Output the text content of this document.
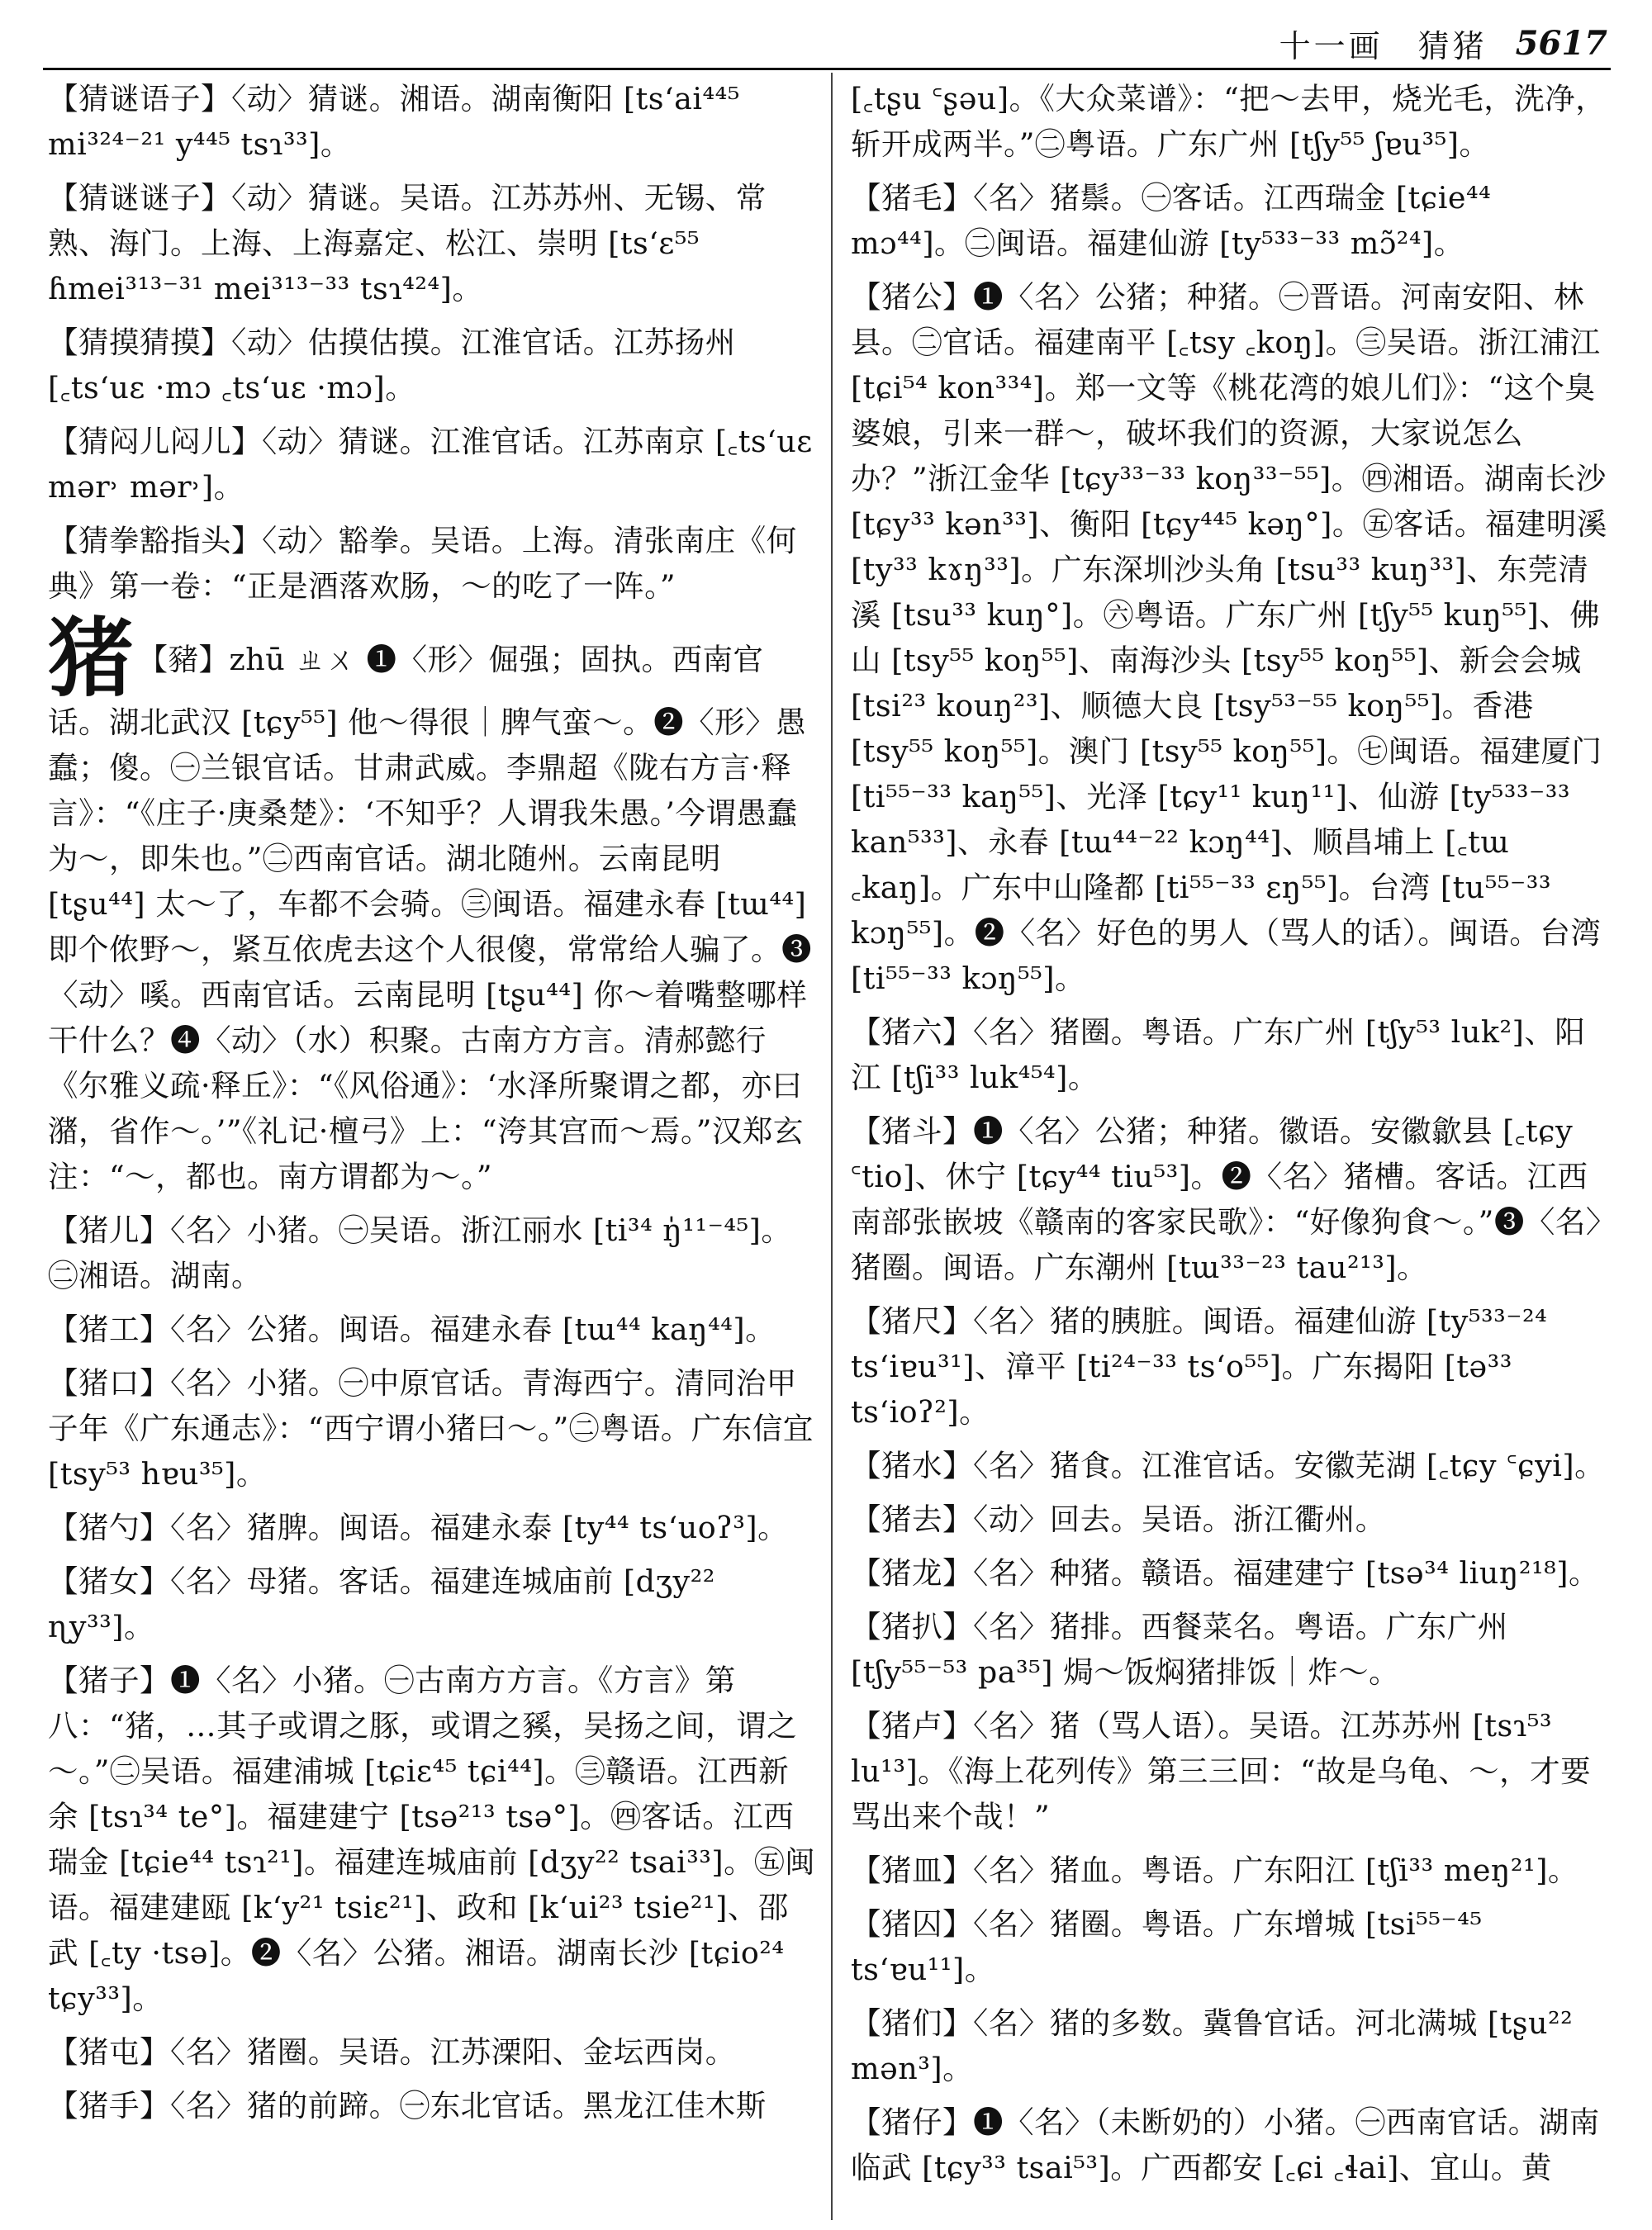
十一画　猜猪 5617
【猜谜语子】〈动〉猜谜。湘语。湖南衡阳 [tsʻai⁴⁴⁵ mi³²⁴⁻²¹ y⁴⁴⁵ tsɿ³³]。
【猜谜谜子】〈动〉猜谜。吴语。江苏苏州、无锡、常熟、海门。上海、上海嘉定、松江、崇明 [tsʻɛ⁵⁵ ɦmei³¹³⁻³¹ mei³¹³⁻³³ tsɿ⁴²⁴]。
【猜摸猜摸】〈动〉估摸估摸。江淮官话。江苏扬州 [꜀tsʻuɛ ·mɔ ꜀tsʻuɛ ·mɔ]。
【猜闷儿闷儿】〈动〉猜谜。江淮官话。江苏南京 [꜀tsʻuɛ mər˒ mər˒]。
【猜拳豁指头】〈动〉豁拳。吴语。上海。清张南庄《何典》第一卷：“正是酒落欢肠，～的吃了一阵。”
猪 【豬】zhū ㄓㄨ ❶〈形〉倔强；固执。西南官话。湖北武汉 [tɕy⁵⁵] 他～得很｜脾气蛮～。❷〈形〉愚蠢；傻。㊀兰银官话。甘肃武威。李鼎超《陇右方言·释言》：“《庄子·庚桑楚》：‘不知乎？人谓我朱愚。’今谓愚蠢为～，即朱也。”㊁西南官话。湖北随州。云南昆明 [tʂu⁴⁴] 太～了，车都不会骑。㊂闽语。福建永春 [tɯ⁴⁴] 即个侬野～，紧互依虎去这个人很傻，常常给人骗了。❸〈动〉嗘。西南官话。云南昆明 [tʂu⁴⁴] 你～着嘴整哪样干什么？❹〈动〉（水）积聚。古南方方言。清郝懿行《尔雅义疏·释丘》：“《风俗通》：‘水泽所聚谓之都，亦曰潴，省作～。’”《礼记·檀弓》上：“洿其宫而～焉。”汉郑玄注：“～，都也。南方谓都为～。”
【猪儿】〈名〉小猪。㊀吴语。浙江丽水 [ti³⁴ ŋ̍¹¹⁻⁴⁵]。㊁湘语。湖南。
【猪工】〈名〉公猪。闽语。福建永春 [tɯ⁴⁴ kaŋ⁴⁴]。
【猪口】〈名〉小猪。㊀中原官话。青海西宁。清同治甲子年《广东通志》：“西宁谓小猪曰～。”㊁粤语。广东信宜 [tsy⁵³ hɐu³⁵]。
【猪勺】〈名〉猪脾。闽语。福建永泰 [ty⁴⁴ tsʻuoʔ³]。
【猪女】〈名〉母猪。客话。福建连城庙前 [dʒy²² ɳy³³]。
【猪子】❶〈名〉小猪。㊀古南方方言。《方言》第八：“猪，…其子或谓之豚，或谓之豯，吴扬之间，谓之～。”㊁吴语。福建浦城 [tɕiɛ⁴⁵ tɕi⁴⁴]。㊂赣语。江西新余 [tsɿ³⁴ te°]。福建建宁 [tsə²¹³ tsə°]。㊃客话。江西瑞金 [tɕie⁴⁴ tsɿ²¹]。福建连城庙前 [dʒy²² tsai³³]。㊄闽语。福建建瓯 [kʻy²¹ tsiɛ²¹]、政和 [kʻui²³ tsie²¹]、邵武 [꜀ty ·tsə]。❷〈名〉公猪。湘语。湖南长沙 [tɕio²⁴ tɕy³³]。
【猪屯】〈名〉猪圈。吴语。江苏溧阳、金坛西岗。
【猪手】〈名〉猪的前蹄。㊀东北官话。黑龙江佳木斯
[꜀tʂu ꜂ʂəu]。《大众菜谱》：“把～去甲，烧光毛，洗净，斩开成两半。”㊁粤语。广东广州 [tʃy⁵⁵ ʃɐu³⁵]。
【猪毛】〈名〉猪鬃。㊀客话。江西瑞金 [tɕie⁴⁴ mɔ⁴⁴]。㊁闽语。福建仙游 [ty⁵³³⁻³³ mɔ̃²⁴]。
【猪公】❶〈名〉公猪；种猪。㊀晋语。河南安阳、林县。㊁官话。福建南平 [꜀tsy ꜀koŋ]。㊂吴语。浙江浦江 [tɕi⁵⁴ kon³³⁴]。郑一文等《桃花湾的娘儿们》：“这个臭婆娘，引来一群～，破坏我们的资源，大家说怎么办？”浙江金华 [tɕy³³⁻³³ koŋ³³⁻⁵⁵]。㊃湘语。湖南长沙 [tɕy³³ kən³³]、衡阳 [tɕy⁴⁴⁵ kəŋ°]。㊄客话。福建明溪 [ty³³ kɤŋ³³]。广东深圳沙头角 [tsu³³ kuŋ³³]、东莞清溪 [tsu³³ kuŋ°]。㊅粤语。广东广州 [tʃy⁵⁵ kuŋ⁵⁵]、佛山 [tsy⁵⁵ koŋ⁵⁵]、南海沙头 [tsy⁵⁵ koŋ⁵⁵]、新会会城 [tsi²³ kouŋ²³]、顺德大良 [tsy⁵³⁻⁵⁵ koŋ⁵⁵]。香港 [tsy⁵⁵ koŋ⁵⁵]。澳门 [tsy⁵⁵ koŋ⁵⁵]。㊆闽语。福建厦门 [ti⁵⁵⁻³³ kaŋ⁵⁵]、光泽 [tɕy¹¹ kuŋ¹¹]、仙游 [ty⁵³³⁻³³ kan⁵³³]、永春 [tɯ⁴⁴⁻²² kɔŋ⁴⁴]、顺昌埔上 [꜀tɯ ꜀kaŋ]。广东中山隆都 [ti⁵⁵⁻³³ ɛŋ⁵⁵]。台湾 [tu⁵⁵⁻³³ kɔŋ⁵⁵]。❷〈名〉好色的男人（骂人的话）。闽语。台湾 [ti⁵⁵⁻³³ kɔŋ⁵⁵]。
【猪六】〈名〉猪圈。粤语。广东广州 [tʃy⁵³ luk²]、阳江 [tʃi³³ luk⁴⁵⁴]。
【猪斗】❶〈名〉公猪；种猪。徽语。安徽歙县 [꜀tɕy ꜂tio]、休宁 [tɕy⁴⁴ tiu⁵³]。❷〈名〉猪槽。客话。江西南部张嵌坡《赣南的客家民歌》：“好像狗食～。”❸〈名〉猪圈。闽语。广东潮州 [tɯ³³⁻²³ tau²¹³]。
【猪尺】〈名〉猪的胰脏。闽语。福建仙游 [ty⁵³³⁻²⁴ tsʻiɐu³¹]、漳平 [ti²⁴⁻³³ tsʻo⁵⁵]。广东揭阳 [tə³³ tsʻioʔ²]。
【猪水】〈名〉猪食。江淮官话。安徽芜湖 [꜀tɕy ꜂ɕyi]。
【猪去】〈动〉回去。吴语。浙江衢州。
【猪龙】〈名〉种猪。赣语。福建建宁 [tsə³⁴ liuŋ²¹⁸]。
【猪扒】〈名〉猪排。西餐菜名。粤语。广东广州 [tʃy⁵⁵⁻⁵³ pa³⁵] 焗～饭焖猪排饭｜炸～。
【猪卢】〈名〉猪（骂人语）。吴语。江苏苏州 [tsɿ⁵³ lu¹³]。《海上花列传》第三三回：“故是乌龟、～，才要骂出来个哉！”
【猪皿】〈名〉猪血。粤语。广东阳江 [tʃi³³ meŋ²¹]。
【猪囚】〈名〉猪圈。粤语。广东增城 [tsi⁵⁵⁻⁴⁵ tsʻɐu¹¹]。
【猪们】〈名〉猪的多数。冀鲁官话。河北满城 [tʂu²² mən³]。
【猪仔】❶〈名〉（未断奶的）小猪。㊀西南官话。湖南临武 [tɕy³³ tsai⁵³]。广西都安 [꜀ɕi ꜀ɬai]、宜山。黄
